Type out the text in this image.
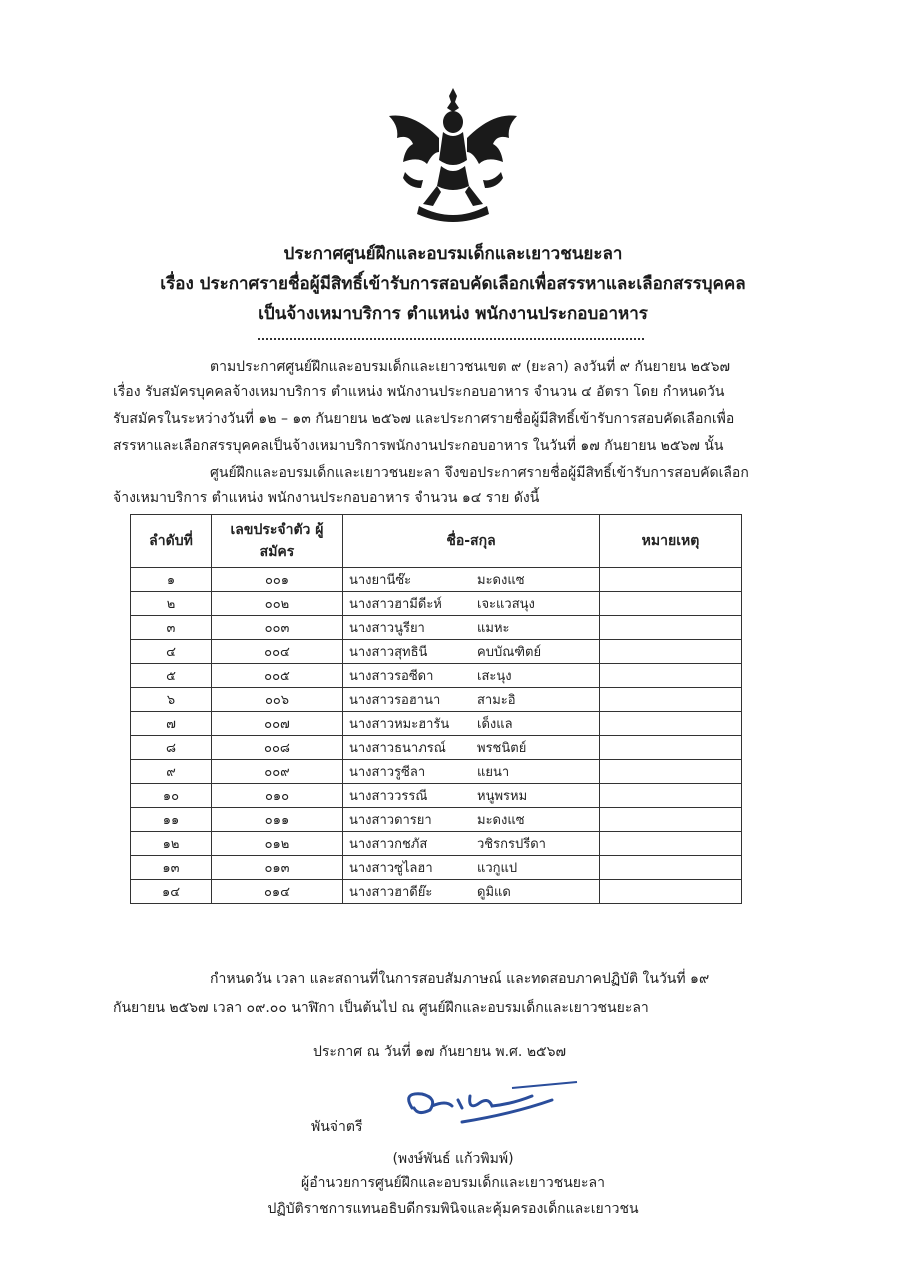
ประกาศศูนย์ฝึกและอบรมเด็กและเยาวชนยะลา
เรื่อง ประกาศรายชื่อผู้มีสิทธิ์เข้ารับการสอบคัดเลือกเพื่อสรรหาและเลือกสรรบุคคล
เป็นจ้างเหมาบริการ ตำแหน่ง พนักงานประกอบอาหาร
ตามประกาศศูนย์ฝึกและอบรมเด็กและเยาวชนเขต ๙ (ยะลา) ลงวันที่ ๙ กันยายน ๒๕๖๗
เรื่อง รับสมัครบุคคลจ้างเหมาบริการ ตำแหน่ง พนักงานประกอบอาหาร จำนวน ๔ อัตรา โดย กำหนดวัน
รับสมัครในระหว่างวันที่ ๑๒ – ๑๓ กันยายน ๒๕๖๗ และประกาศรายชื่อผู้มีสิทธิ์เข้ารับการสอบคัดเลือกเพื่อ
สรรหาและเลือกสรรบุคคลเป็นจ้างเหมาบริการพนักงานประกอบอาหาร ในวันที่ ๑๗ กันยายน ๒๕๖๗ นั้น
ศูนย์ฝึกและอบรมเด็กและเยาวชนยะลา จึงขอประกาศรายชื่อผู้มีสิทธิ์เข้ารับการสอบคัดเลือก
จ้างเหมาบริการ ตำแหน่ง พนักงานประกอบอาหาร จำนวน ๑๔ ราย ดังนี้
ลำดับที่	เลขประจำตัว ผู้สมัคร	ชื่อ-สกุล	หมายเหตุ
๑	๐๐๑	นางยานีซ๊ะ มะดงแซ	
๒	๐๐๒	นางสาวฮามีดีะห์ เจะแวสนุง	
๓	๐๐๓	นางสาวนูรียา แมหะ	
๔	๐๐๔	นางสาวสุทธินี คบบัณฑิตย์	
๕	๐๐๕	นางสาวรอซีดา เสะนุง	
๖	๐๐๖	นางสาวรอฮานา สามะอิ	
๗	๐๐๗	นางสาวหมะฮารัน เด็งแล	
๘	๐๐๘	นางสาวธนาภรณ์ พรชนิตย์	
๙	๐๐๙	นางสาวรูซีลา แยนา	
๑๐	๐๑๐	นางสาววรรณี หนูพรหม	
๑๑	๐๑๑	นางสาวดารยา มะดงแซ	
๑๒	๐๑๒	นางสาวกชภัส วชิรกรปรีดา	
๑๓	๐๑๓	นางสาวซูไลฮา แวกูแป	
๑๔	๐๑๔	นางสาวฮาดีย๊ะ ดูมิแด	
กำหนดวัน เวลา และสถานที่ในการสอบสัมภาษณ์ และทดสอบภาคปฏิบัติ ในวันที่ ๑๙
กันยายน ๒๕๖๗ เวลา ๐๙.๐๐ นาฬิกา เป็นต้นไป ณ ศูนย์ฝึกและอบรมเด็กและเยาวชนยะลา
ประกาศ ณ วันที่ ๑๗ กันยายน พ.ศ. ๒๕๖๗
พันจ่าตรี
(พงษ์พันธ์ แก้วพิมพ์)
ผู้อำนวยการศูนย์ฝึกและอบรมเด็กและเยาวชนยะลา
ปฏิบัติราชการแทนอธิบดีกรมพินิจและคุ้มครองเด็กและเยาวชน
